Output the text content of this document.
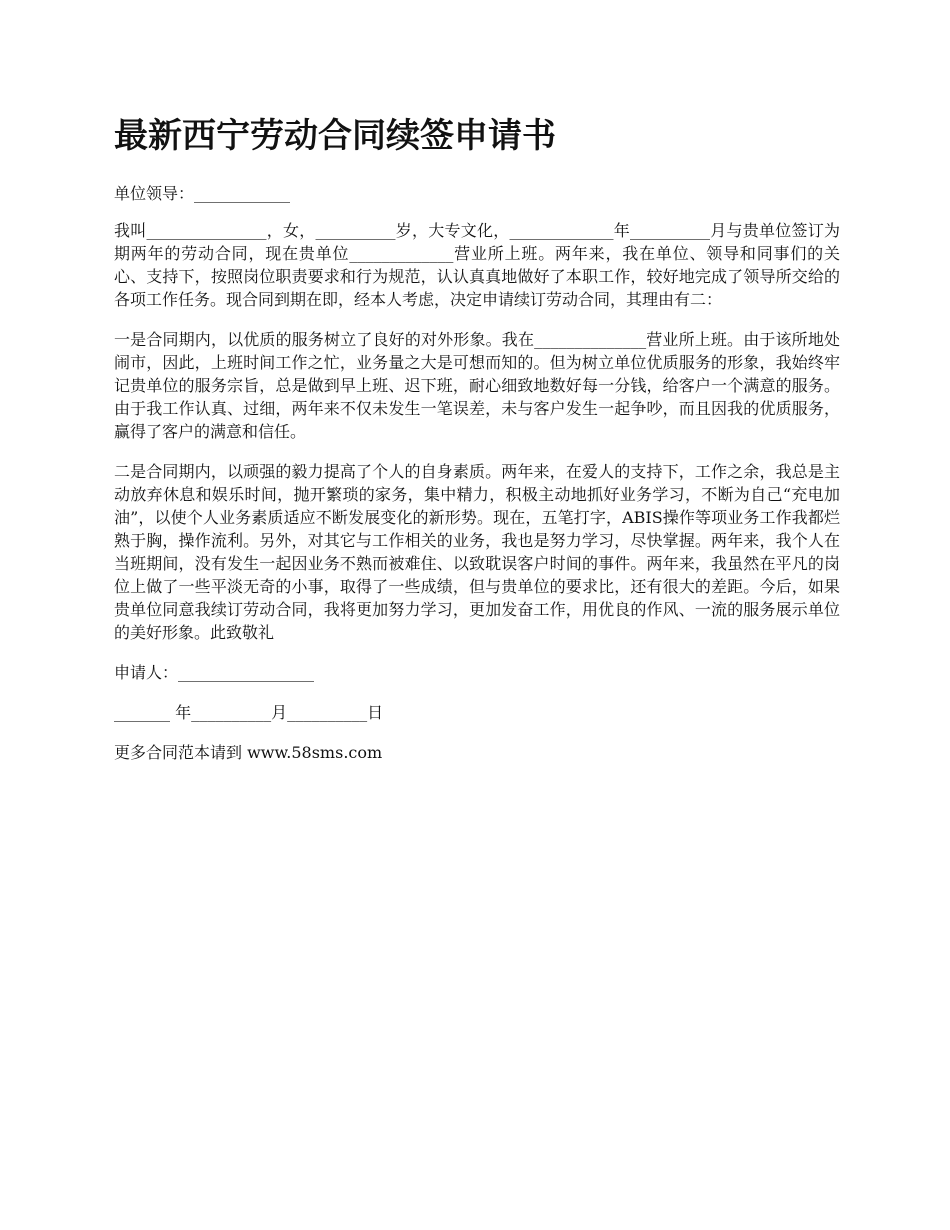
最新西宁劳动合同续签申请书

单位领导：____________

我叫_______________，女，__________岁，大专文化，_____________年__________月与贵单位签订为期两年的劳动合同，现在贵单位_____________营业所上班。两年来，我在单位、领导和同事们的关心、支持下，按照岗位职责要求和行为规范，认认真真地做好了本职工作，较好地完成了领导所交给的各项工作任务。现合同到期在即，经本人考虑，决定申请续订劳动合同，其理由有二：

一是合同期内，以优质的服务树立了良好的对外形象。我在______________营业所上班。由于该所地处闹市，因此，上班时间工作之忙，业务量之大是可想而知的。但为树立单位优质服务的形象，我始终牢记贵单位的服务宗旨，总是做到早上班、迟下班，耐心细致地数好每一分钱，给客户一个满意的服务。由于我工作认真、过细，两年来不仅未发生一笔误差，未与客户发生一起争吵，而且因我的优质服务，赢得了客户的满意和信任。

二是合同期内，以顽强的毅力提高了个人的自身素质。两年来，在爱人的支持下，工作之余，我总是主动放弃休息和娱乐时间，抛开繁琐的家务，集中精力，积极主动地抓好业务学习，不断为自己“充电加油”，以使个人业务素质适应不断发展变化的新形势。现在，五笔打字，ABIS操作等项业务工作我都烂熟于胸，操作流利。另外，对其它与工作相关的业务，我也是努力学习，尽快掌握。两年来，我个人在当班期间，没有发生一起因业务不熟而被难住、以致耽误客户时间的事件。两年来，我虽然在平凡的岗位上做了一些平淡无奇的小事，取得了一些成绩，但与贵单位的要求比，还有很大的差距。今后，如果贵单位同意我续订劳动合同，我将更加努力学习，更加发奋工作，用优良的作风、一流的服务展示单位的美好形象。此致敬礼

申请人：_________________

_______ 年__________月__________日

更多合同范本请到 www.58sms.com
